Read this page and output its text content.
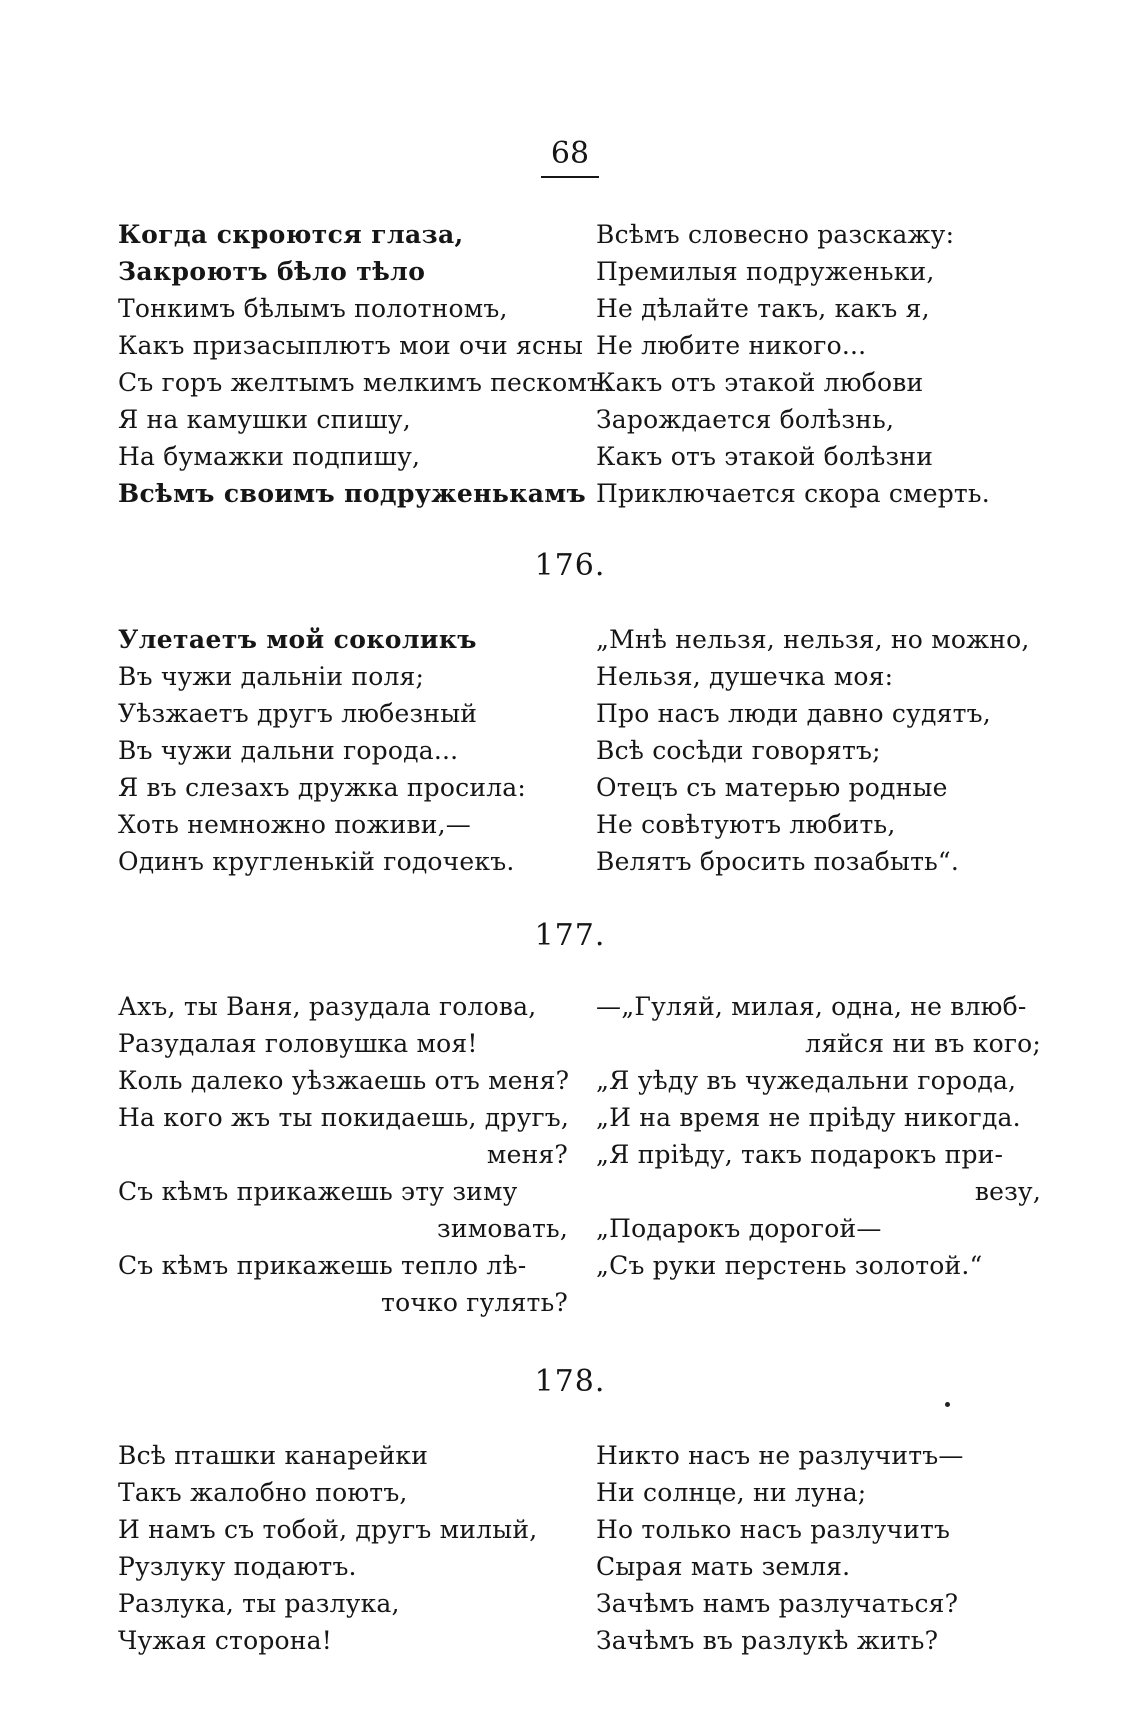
68
176.
177.
178.
Когда скроются глаза,
Закроютъ бѣло тѣло
Тонкимъ бѣлымъ полотномъ,
Какъ призасыплютъ мои очи ясны
Съ горъ желтымъ мелкимъ пескомъ.
Я на камушки спишу,
На бумажки подпишу,
Всѣмъ своимъ подруженькамъ
Всѣмъ словесно разскажу:
Премилыя подруженьки,
Не дѣлайте такъ, какъ я,
Не любите никого...
Какъ отъ этакой любови
Зарождается болѣзнь,
Какъ отъ этакой болѣзни
Приключается скора смерть.
Улетаетъ мой соколикъ
Въ чужи дальнiи поля;
Уѣзжаетъ другъ любезный
Въ чужи дальни города...
Я въ слезахъ дружка просила:
Хоть немножно поживи,—
Одинъ кругленькiй годочекъ.
„Мнѣ нельзя, нельзя, но можно,
Нельзя, душечка моя:
Про насъ люди давно судятъ,
Всѣ сосѣди говорятъ;
Отецъ съ матерью родные
Не совѣтуютъ любить,
Велятъ бросить позабыть“.
Ахъ, ты Ваня, разудала голова,
Разудалая головушка моя!
Коль далеко уѣзжаешь отъ меня?
На кого жъ ты покидаешь, другъ,
меня?
Съ кѣмъ прикажешь эту зиму
зимовать,
Съ кѣмъ прикажешь тепло лѣ-
точко гулять?
—„Гуляй, милая, одна, не влюб-
ляйся ни въ кого;
„Я уѣду въ чужедальни города,
„И на время не прiѣду никогда.
„Я прiѣду, такъ подарокъ при-
везу,
„Подарокъ дорогой—
„Съ руки перстень золотой.“
Всѣ пташки канарейки
Такъ жалобно поютъ,
И намъ съ тобой, другъ милый,
Рузлуку подаютъ.
Разлука, ты разлука,
Чужая сторона!
Никто насъ не разлучитъ—
Ни солнце, ни луна;
Но только насъ разлучитъ
Сырая мать земля.
Зачѣмъ намъ разлучаться?
Зачѣмъ въ разлукѣ жить?
